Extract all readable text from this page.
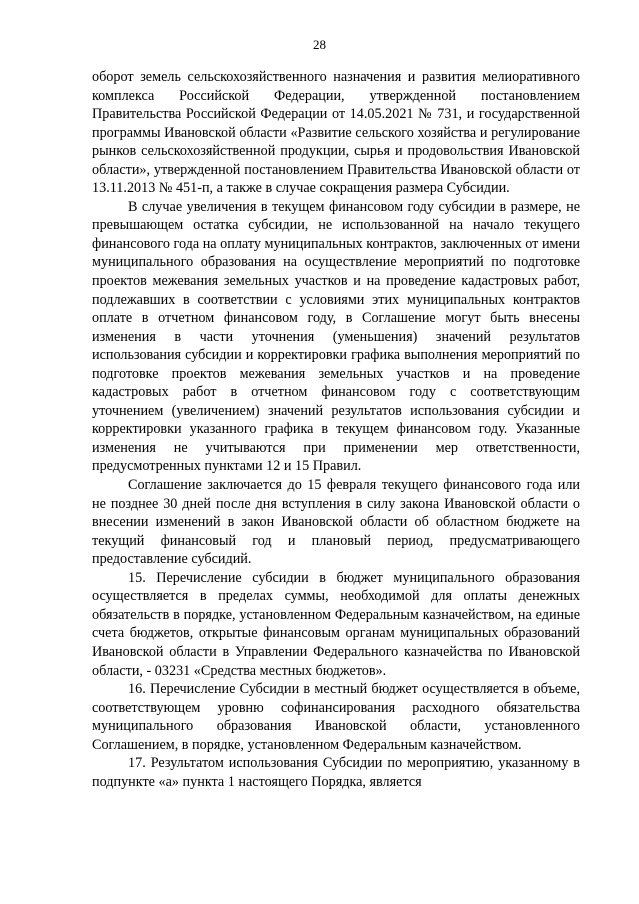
28

оборот земель сельскохозяйственного назначения и развития мелиоративного комплекса Российской Федерации, утвержденной постановлением Правительства Российской Федерации от 14.05.2021 № 731, и государственной программы Ивановской области «Развитие сельского хозяйства и регулирование рынков сельскохозяйственной продукции, сырья и продовольствия Ивановской области», утвержденной постановлением Правительства Ивановской области от 13.11.2013 № 451-п, а также в случае сокращения размера Субсидии.

В случае увеличения в текущем финансовом году субсидии в размере, не превышающем остатка субсидии, не использованной на начало текущего финансового года на оплату муниципальных контрактов, заключенных от имени муниципального образования на осуществление мероприятий по подготовке проектов межевания земельных участков и на проведение кадастровых работ, подлежавших в соответствии с условиями этих муниципальных контрактов оплате в отчетном финансовом году, в Соглашение могут быть внесены изменения в части уточнения (уменьшения) значений результатов использования субсидии и корректировки графика выполнения мероприятий по подготовке проектов межевания земельных участков и на проведение кадастровых работ в отчетном финансовом году с соответствующим уточнением (увеличением) значений результатов использования субсидии и корректировки указанного графика в текущем финансовом году. Указанные изменения не учитываются при применении мер ответственности, предусмотренных пунктами 12 и 15 Правил.

Соглашение заключается до 15 февраля текущего финансового года или не позднее 30 дней после дня вступления в силу закона Ивановской области о внесении изменений в закон Ивановской области об областном бюджете на текущий финансовый год и плановый период, предусматривающего предоставление субсидий.

15. Перечисление субсидии в бюджет муниципального образования осуществляется в пределах суммы, необходимой для оплаты денежных обязательств в порядке, установленном Федеральным казначейством, на единые счета бюджетов, открытые финансовым органам муниципальных образований Ивановской области в Управлении Федерального казначейства по Ивановской области, - 03231 «Средства местных бюджетов».

16. Перечисление Субсидии в местный бюджет осуществляется в объеме, соответствующем уровню софинансирования расходного обязательства муниципального образования Ивановской области, установленного Соглашением, в порядке, установленном Федеральным казначейством.

17. Результатом использования Субсидии по мероприятию, указанному в подпункте «а» пункта 1 настоящего Порядка, является
